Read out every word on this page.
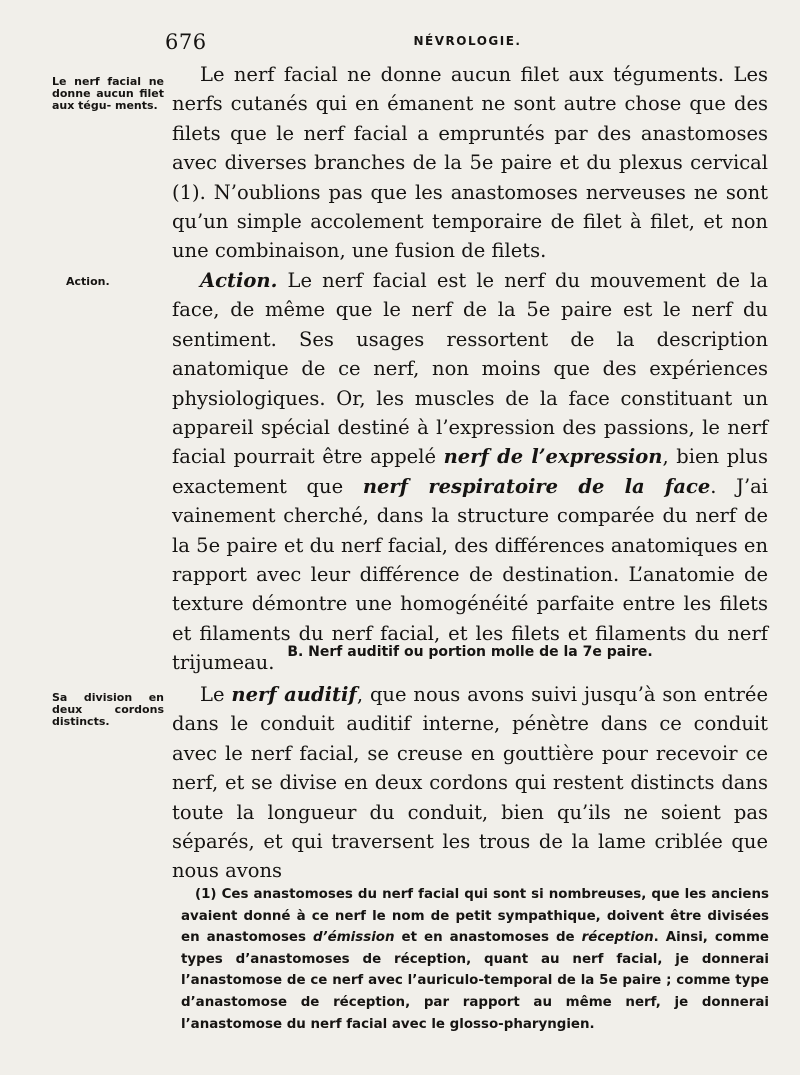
676	NÉVROLOGIE.
Le nerf facial ne donne aucun filet aux tégu- ments.
Action.
Sa division en deux cordons distincts.

Le nerf facial ne donne aucun filet aux téguments. Les nerfs cutanés qui en émanent ne sont autre chose que des filets que le nerf facial a empruntés par des anastomoses avec diverses branches de la 5e paire et du plexus cervical (1). N’oublions pas que les anastomoses nerveuses ne sont qu’un simple accolement temporaire de filet à filet, et non une combinaison, une fusion de filets.

Action. Le nerf facial est le nerf du mouvement de la face, de même que le nerf de la 5e paire est le nerf du sentiment. Ses usages ressortent de la description anatomique de ce nerf, non moins que des expériences physiologiques. Or, les muscles de la face constituant un appareil spécial destiné à l’expression des passions, le nerf facial pourrait être appelé nerf de l’expression, bien plus exactement que nerf respiratoire de la face. J’ai vainement cherché, dans la structure comparée du nerf de la 5e paire et du nerf facial, des différences anatomiques en rapport avec leur différence de destination. L’anatomie de texture démontre une homogénéité parfaite entre les filets et filaments du nerf facial, et les filets et filaments du nerf trijumeau. B. Nerf auditif ou portion molle de la 7e paire.

Le nerf auditif, que nous avons suivi jusqu’à son entrée dans le conduit auditif interne, pénètre dans ce conduit avec le nerf facial, se creuse en gouttière pour recevoir ce nerf, et se divise en deux cordons qui restent distincts dans toute la longueur du conduit, bien qu’ils ne soient pas séparés, et qui traversent les trous de la lame criblée que nous avons

(1) Ces anastomoses du nerf facial qui sont si nombreuses, que les anciens avaient donné à ce nerf le nom de petit sympathique, doivent être divisées en anastomoses d’émission et en anastomoses de réception. Ainsi, comme types d’anastomoses de réception, quant au nerf facial, je donnerai l’anastomose de ce nerf avec l’auriculo-temporal de la 5e paire ; comme type d’anastomose de réception, par rapport au même nerf, je donnerai l’anastomose du nerf facial avec le glosso-pharyngien.
